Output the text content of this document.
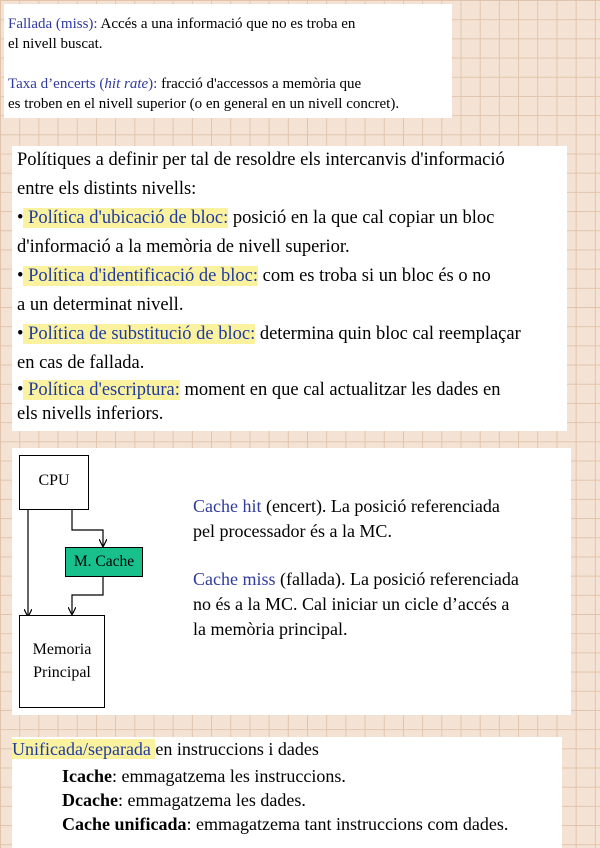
Fallada (miss): Accés a una informació que no es troba en
el nivell buscat.
Taxa d’encerts (hit rate): fracció d'accessos a memòria que
es troben en el nivell superior (o en general en un nivell concret).
Polítiques a definir per tal de resoldre els intercanvis d'informació
entre els distints nivells:
• Política d'ubicació de bloc: posició en la que cal copiar un bloc
d'informació a la memòria de nivell superior.
• Política d'identificació de bloc: com es troba si un bloc és o no
a un determinat nivell.
• Política de substitució de bloc: determina quin bloc cal reemplaçar
en cas de fallada.
• Política d'escriptura: moment en que cal actualitzar les dades en
els nivells inferiors.
CPU
M. Cache
Memoria
Principal
Cache hit (encert). La posició referenciada
pel processador és a la MC.
Cache miss (fallada). La posició referenciada
no és a la MC. Cal iniciar un cicle d’accés a
la memòria principal.
Unificada/separada en instruccions i dades
Icache: emmagatzema les instruccions.
Dcache: emmagatzema les dades.
Cache unificada: emmagatzema tant instruccions com dades.
